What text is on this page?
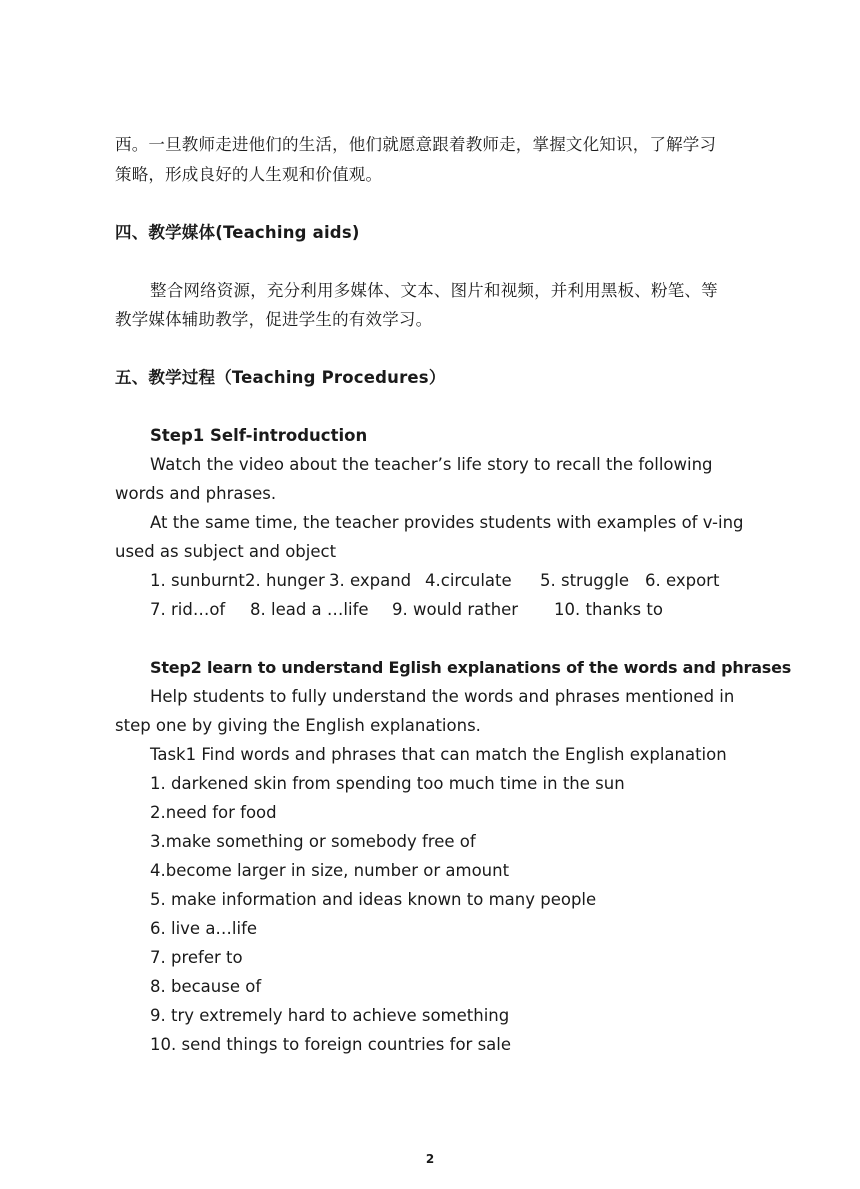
西。一旦教师走进他们的生活，他们就愿意跟着教师走，掌握文化知识，了解学习
策略，形成良好的人生观和价值观。
四、教学媒体(Teaching aids)
整合网络资源，充分利用多媒体、文本、图片和视频，并利用黑板、粉笔、等
教学媒体辅助教学，促进学生的有效学习。
五、教学过程（Teaching Procedures）
Step1 Self-introduction
Watch the video about the teacher’s life story to recall the following
words and phrases.
At the same time, the teacher provides students with examples of v-ing
used as subject and object
1. sunburnt 2. hunger 3. expand 4.circulate 5. struggle 6. export
7. rid…of 8. lead a …life 9. would rather 10. thanks to
Step2 learn to understand Eglish explanations of the words and phrases
Help students to fully understand the words and phrases mentioned in
step one by giving the English explanations.
Task1 Find words and phrases that can match the English explanation
1. darkened skin from spending too much time in the sun
2.need for food
3.make something or somebody free of
4.become larger in size, number or amount
5. make information and ideas known to many people
6. live a…life
7. prefer to
8. because of
9. try extremely hard to achieve something
10. send things to foreign countries for sale
2
